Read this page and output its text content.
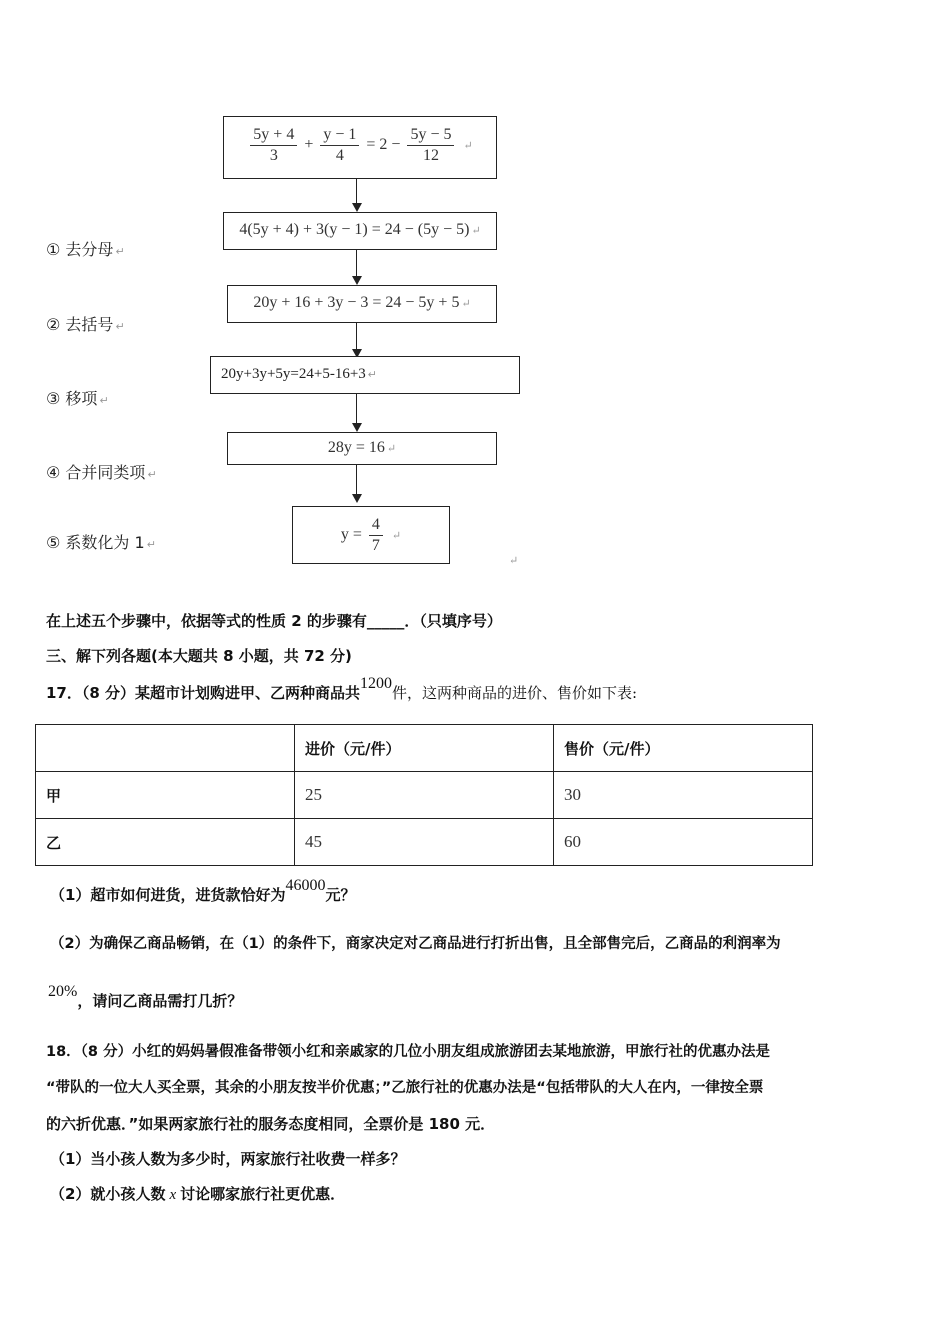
$\frac{5y + 4}{3} + \frac{y - 1}{4} = 2 - \frac{5y - 5}{12}$ ↵
4(5y + 4) + 3(y − 1) = 24 − (5y − 5) ↵
20y + 16 + 3y − 3 = 24 − 5y + 5 ↵
20y+3y+5y=24+5-16+3 ↵
28y = 16 ↵
$y = \frac{4}{7}$ ↵
↵
① 去分母 ↵
② 去括号 ↵
③ 移项 ↵
④ 合并同类项 ↵
⑤ 系数化为 1 ↵
在上述五个步骤中，依据等式的性质 2 的步骤有_____．（只填序号）
三、解下列各题(本大题共 8 小题，共 72 分)
17．（8 分）某超市计划购进甲、乙两种商品共1200件，这两种商品的进价、售价如下表:
	进价（元/件）	售价（元/件）
甲	25	30
乙	45	60
（1）超市如何进货，进货款恰好为46000元？
（2）为确保乙商品畅销，在（1）的条件下，商家决定对乙商品进行打折出售，且全部售完后，乙商品的利润率为
20%，请问乙商品需打几折？
18．（8 分）小红的妈妈暑假准备带领小红和亲戚家的几位小朋友组成旅游团去某地旅游，甲旅行社的优惠办法是
“带队的一位大人买全票，其余的小朋友按半价优惠；”乙旅行社的优惠办法是“包括带队的大人在内，一律按全票
的六折优惠．”如果两家旅行社的服务态度相同，全票价是 180 元．
（1）当小孩人数为多少时，两家旅行社收费一样多？
（2）就小孩人数 x 讨论哪家旅行社更优惠．
